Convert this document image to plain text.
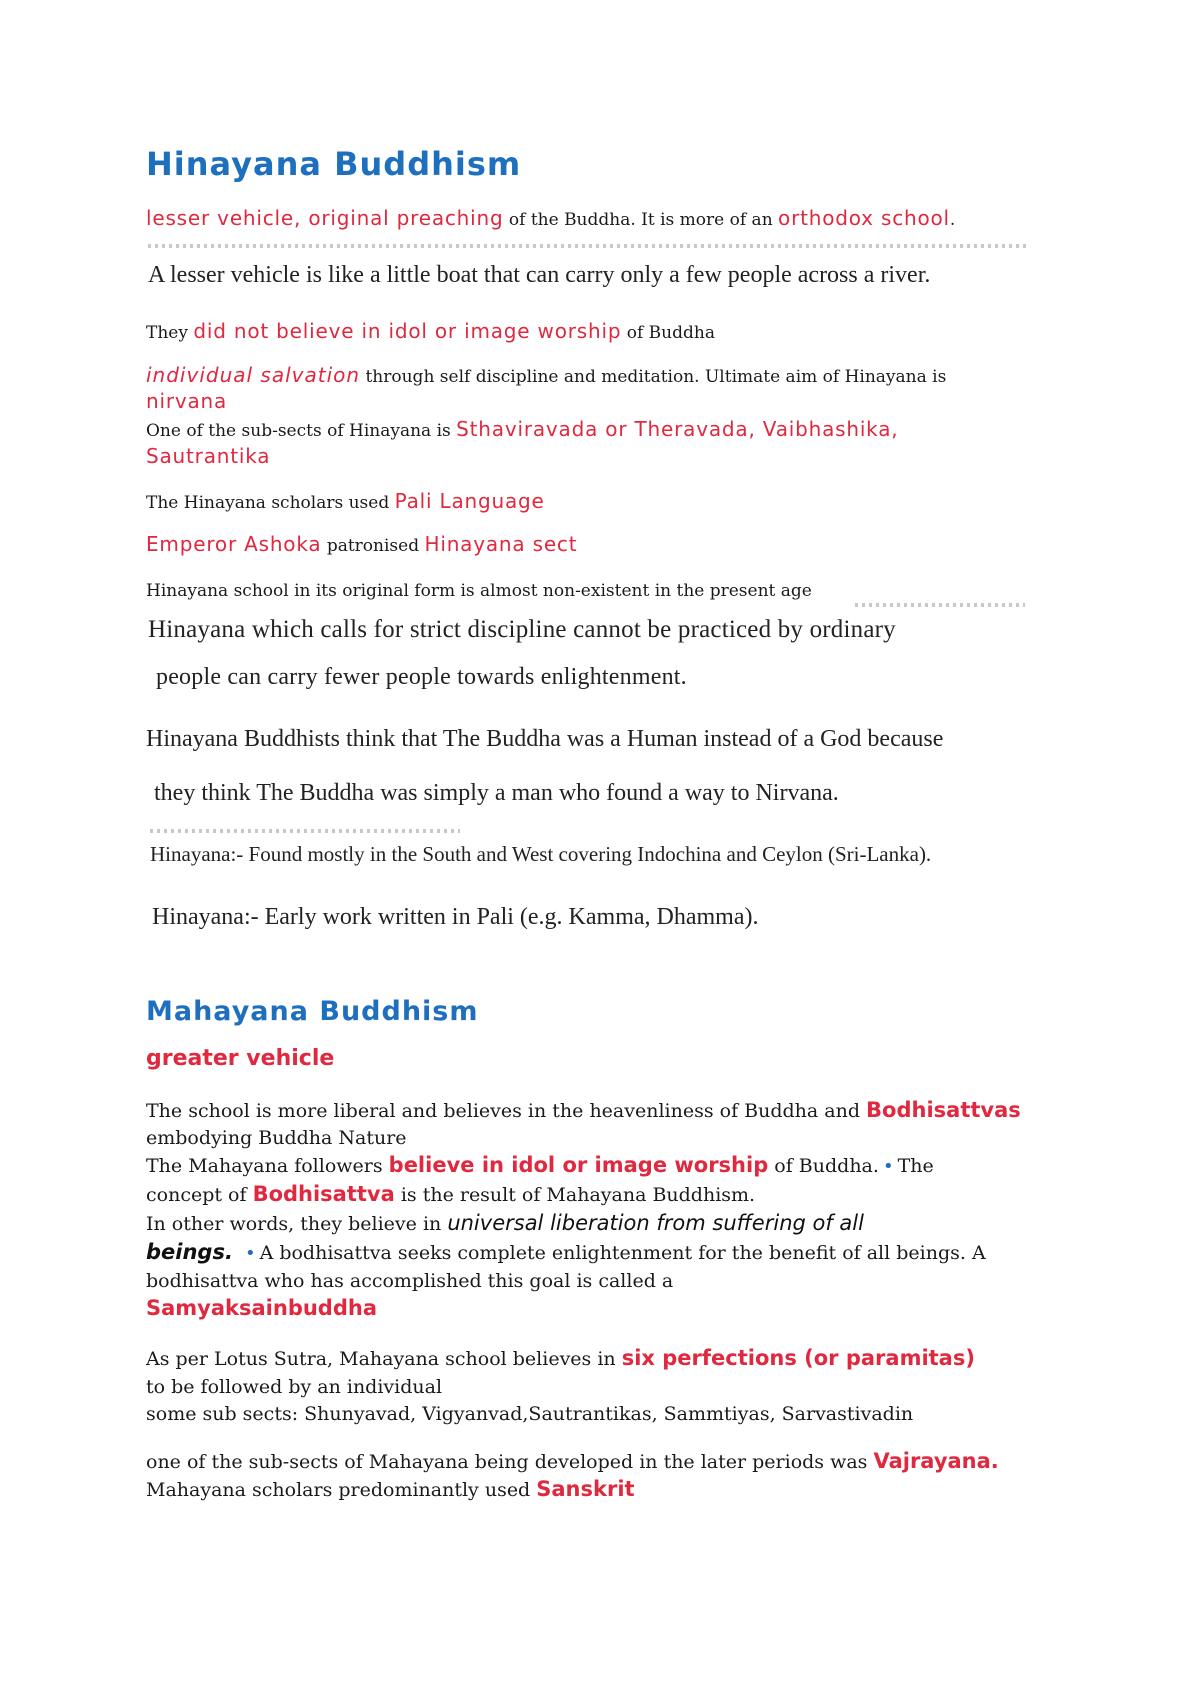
Hinayana Buddhism
lesser vehicle, original preaching of the Buddha. It is more of an orthodox school.
A lesser vehicle is like a little boat that can carry only a few people across a river.
They did not believe in idol or image worship of Buddha
individual salvation through self discipline and meditation. Ultimate aim of Hinayana is
nirvana
One of the sub-sects of Hinayana is Sthaviravada or Theravada, Vaibhashika,
Sautrantika
The Hinayana scholars used Pali Language
Emperor Ashoka patronised Hinayana sect
Hinayana school in its original form is almost non-existent in the present age
Hinayana which calls for strict discipline cannot be practiced by ordinary
people can carry fewer people towards enlightenment.
Hinayana Buddhists think that The Buddha was a Human instead of a God because
they think The Buddha was simply a man who found a way to Nirvana.
Hinayana:- Found mostly in the South and West covering Indochina and Ceylon (Sri-Lanka).
Hinayana:- Early work written in Pali (e.g. Kamma, Dhamma).
Mahayana Buddhism
greater vehicle
The school is more liberal and believes in the heavenliness of Buddha and Bodhisattvas
embodying Buddha Nature
The Mahayana followers believe in idol or image worship of Buddha. • The
concept of Bodhisattva is the result of Mahayana Buddhism.
In other words, they believe in universal liberation from suffering of all
beings. • A bodhisattva seeks complete enlightenment for the benefit of all beings. A
bodhisattva who has accomplished this goal is called a
Samyaksainbuddha
As per Lotus Sutra, Mahayana school believes in six perfections (or paramitas)
to be followed by an individual
some sub sects: Shunyavad, Vigyanvad,Sautrantikas, Sammtiyas, Sarvastivadin
one of the sub-sects of Mahayana being developed in the later periods was Vajrayana.
Mahayana scholars predominantly used Sanskrit
